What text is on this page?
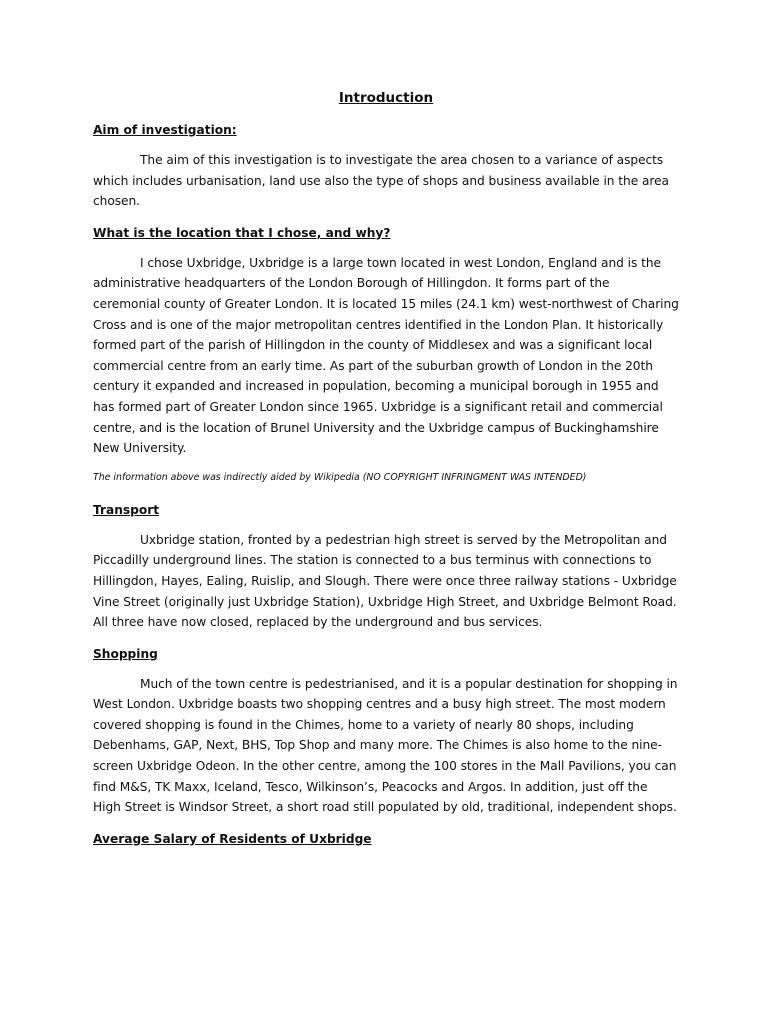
Introduction
Aim of investigation:
The aim of this investigation is to investigate the area chosen to a variance of aspects which includes urbanisation, land use also the type of shops and business available in the area chosen.
What is the location that I chose, and why?
I chose Uxbridge, Uxbridge is a large town located in west London, England and is the administrative headquarters of the London Borough of Hillingdon. It forms part of the ceremonial county of Greater London. It is located 15 miles (24.1 km) west-northwest of Charing Cross and is one of the major metropolitan centres identified in the London Plan. It historically formed part of the parish of Hillingdon in the county of Middlesex and was a significant local commercial centre from an early time. As part of the suburban growth of London in the 20th century it expanded and increased in population, becoming a municipal borough in 1955 and has formed part of Greater London since 1965. Uxbridge is a significant retail and commercial centre, and is the location of Brunel University and the Uxbridge campus of Buckinghamshire New University.
The information above was indirectly aided by Wikipedia (NO COPYRIGHT INFRINGMENT WAS INTENDED)
Transport
Uxbridge station, fronted by a pedestrian high street is served by the Metropolitan and Piccadilly underground lines. The station is connected to a bus terminus with connections to Hillingdon, Hayes, Ealing, Ruislip, and Slough. There were once three railway stations - Uxbridge Vine Street (originally just Uxbridge Station), Uxbridge High Street, and Uxbridge Belmont Road. All three have now closed, replaced by the underground and bus services.
Shopping
Much of the town centre is pedestrianised, and it is a popular destination for shopping in West London. Uxbridge boasts two shopping centres and a busy high street. The most modern covered shopping is found in the Chimes, home to a variety of nearly 80 shops, including Debenhams, GAP, Next, BHS, Top Shop and many more. The Chimes is also home to the nine-screen Uxbridge Odeon. In the other centre, among the 100 stores in the Mall Pavilions, you can find M&S, TK Maxx, Iceland, Tesco, Wilkinson’s, Peacocks and Argos. In addition, just off the High Street is Windsor Street, a short road still populated by old, traditional, independent shops.
Average Salary of Residents of Uxbridge
